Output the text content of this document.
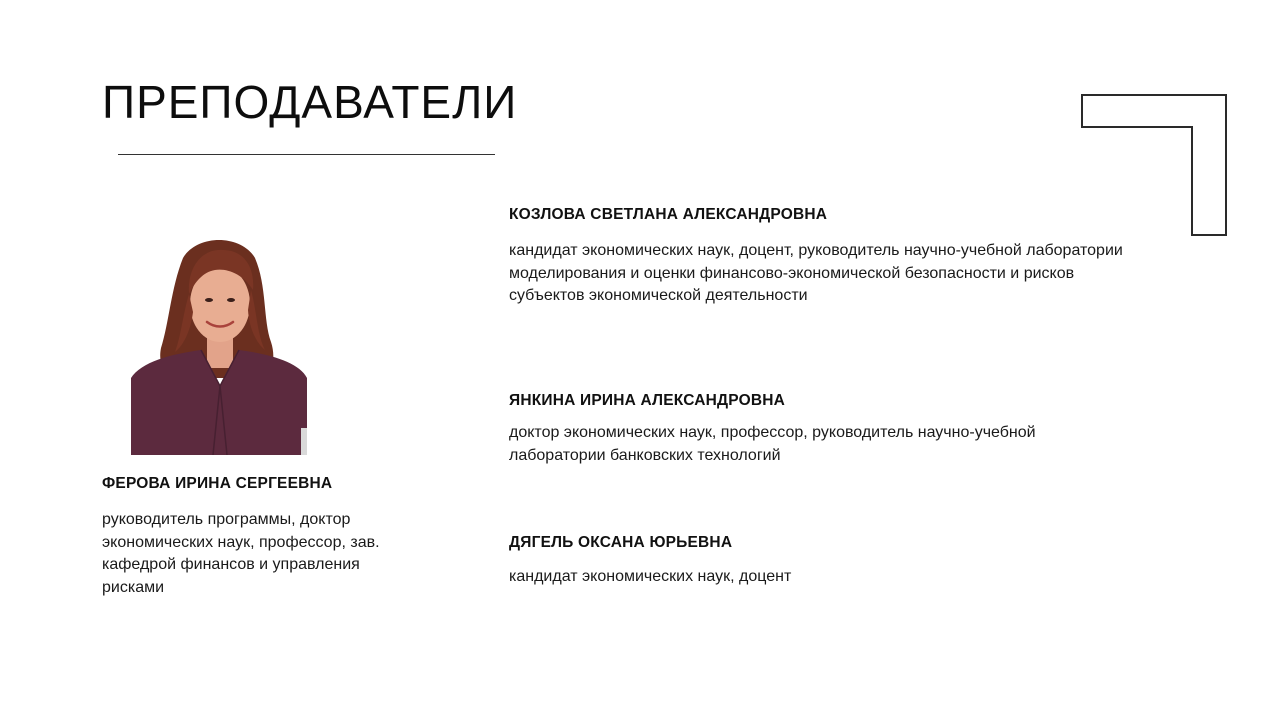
ПРЕПОДАВАТЕЛИ
ФЕРОВА ИРИНА СЕРГЕЕВНА
руководитель программы, доктор экономических наук, профессор, зав. кафедрой финансов и управления рисками
КОЗЛОВА СВЕТЛАНА АЛЕКСАНДРОВНА
кандидат экономических наук, доцент, руководитель научно-учебной лаборатории моделирования и оценки финансово-экономической безопасности и рисков субъектов экономической деятельности
ЯНКИНА ИРИНА АЛЕКСАНДРОВНА
доктор экономических наук, профессор, руководитель научно-учебной лаборатории банковских технологий
ДЯГЕЛЬ ОКСАНА ЮРЬЕВНА
кандидат экономических наук, доцент
